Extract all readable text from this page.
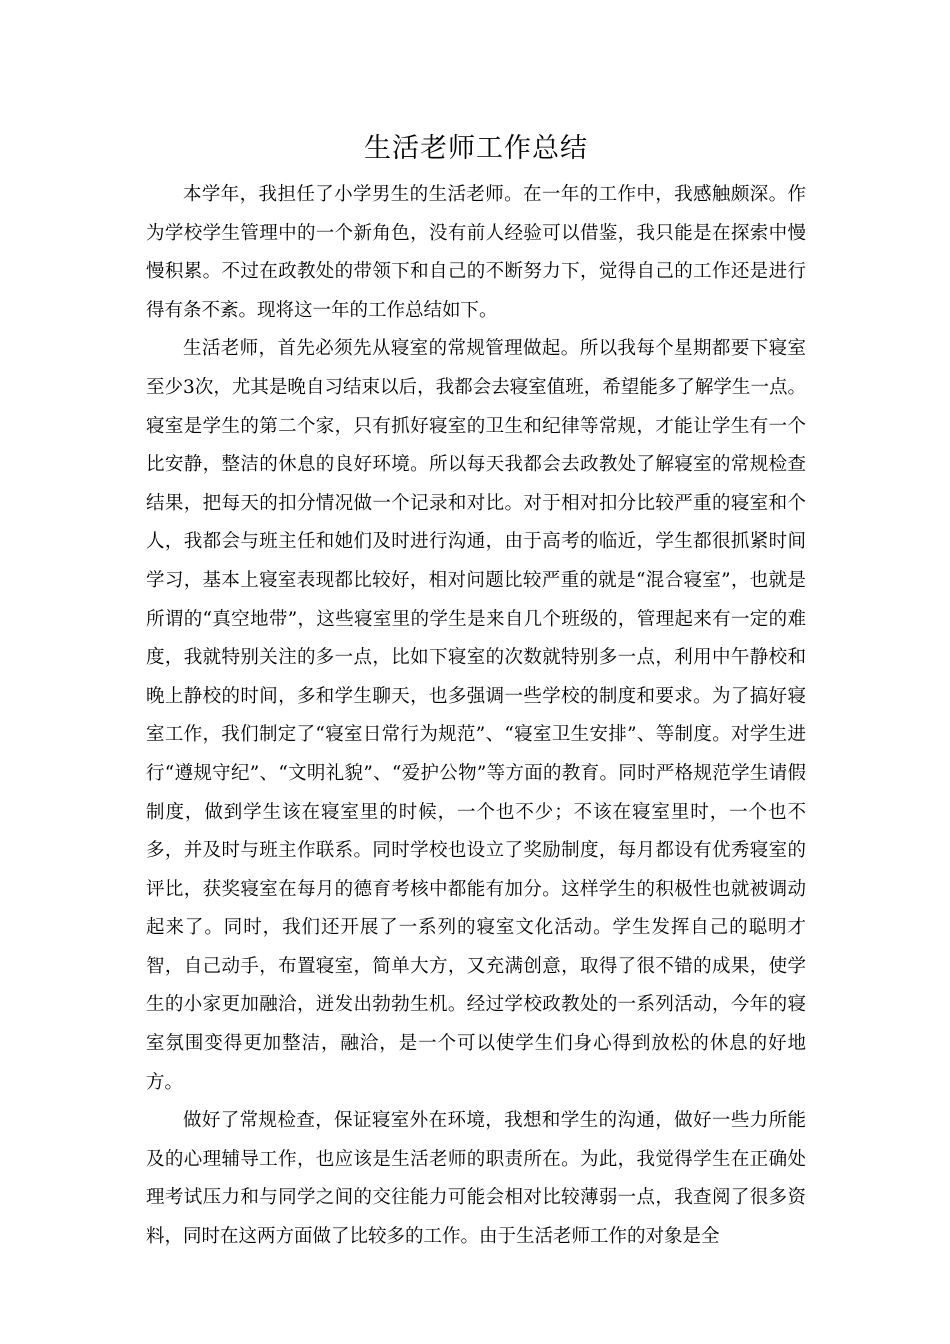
生活老师工作总结

本学年，我担任了小学男生的生活老师。在一年的工作中，我感触颇深。作为学校学生管理中的一个新角色，没有前人经验可以借鉴，我只能是在探索中慢慢积累。不过在政教处的带领下和自己的不断努力下，觉得自己的工作还是进行得有条不紊。现将这一年的工作总结如下。

生活老师，首先必须先从寝室的常规管理做起。所以我每个星期都要下寝室至少3次，尤其是晚自习结束以后，我都会去寝室值班，希望能多了解学生一点。寝室是学生的第二个家，只有抓好寝室的卫生和纪律等常规，才能让学生有一个比安静，整洁的休息的良好环境。所以每天我都会去政教处了解寝室的常规检查结果，把每天的扣分情况做一个记录和对比。对于相对扣分比较严重的寝室和个人，我都会与班主任和她们及时进行沟通，由于高考的临近，学生都很抓紧时间学习，基本上寝室表现都比较好，相对问题比较严重的就是“混合寝室”，也就是所谓的“真空地带”，这些寝室里的学生是来自几个班级的，管理起来有一定的难度，我就特别关注的多一点，比如下寝室的次数就特别多一点，利用中午静校和晚上静校的时间，多和学生聊天，也多强调一些学校的制度和要求。为了搞好寝室工作，我们制定了“寝室日常行为规范”、“寝室卫生安排”、等制度。对学生进行“遵规守纪”、“文明礼貌”、“爱护公物”等方面的教育。同时严格规范学生请假制度，做到学生该在寝室里的时候，一个也不少；不该在寝室里时，一个也不多，并及时与班主作联系。同时学校也设立了奖励制度，每月都设有优秀寝室的评比，获奖寝室在每月的德育考核中都能有加分。这样学生的积极性也就被调动起来了。同时，我们还开展了一系列的寝室文化活动。学生发挥自己的聪明才智，自己动手，布置寝室，简单大方，又充满创意，取得了很不错的成果，使学生的小家更加融洽，迸发出勃勃生机。经过学校政教处的一系列活动，今年的寝室氛围变得更加整洁，融洽，是一个可以使学生们身心得到放松的休息的好地方。

做好了常规检查，保证寝室外在环境，我想和学生的沟通，做好一些力所能及的心理辅导工作，也应该是生活老师的职责所在。为此，我觉得学生在正确处理考试压力和与同学之间的交往能力可能会相对比较薄弱一点，我查阅了很多资料，同时在这两方面做了比较多的工作。由于生活老师工作的对象是全
